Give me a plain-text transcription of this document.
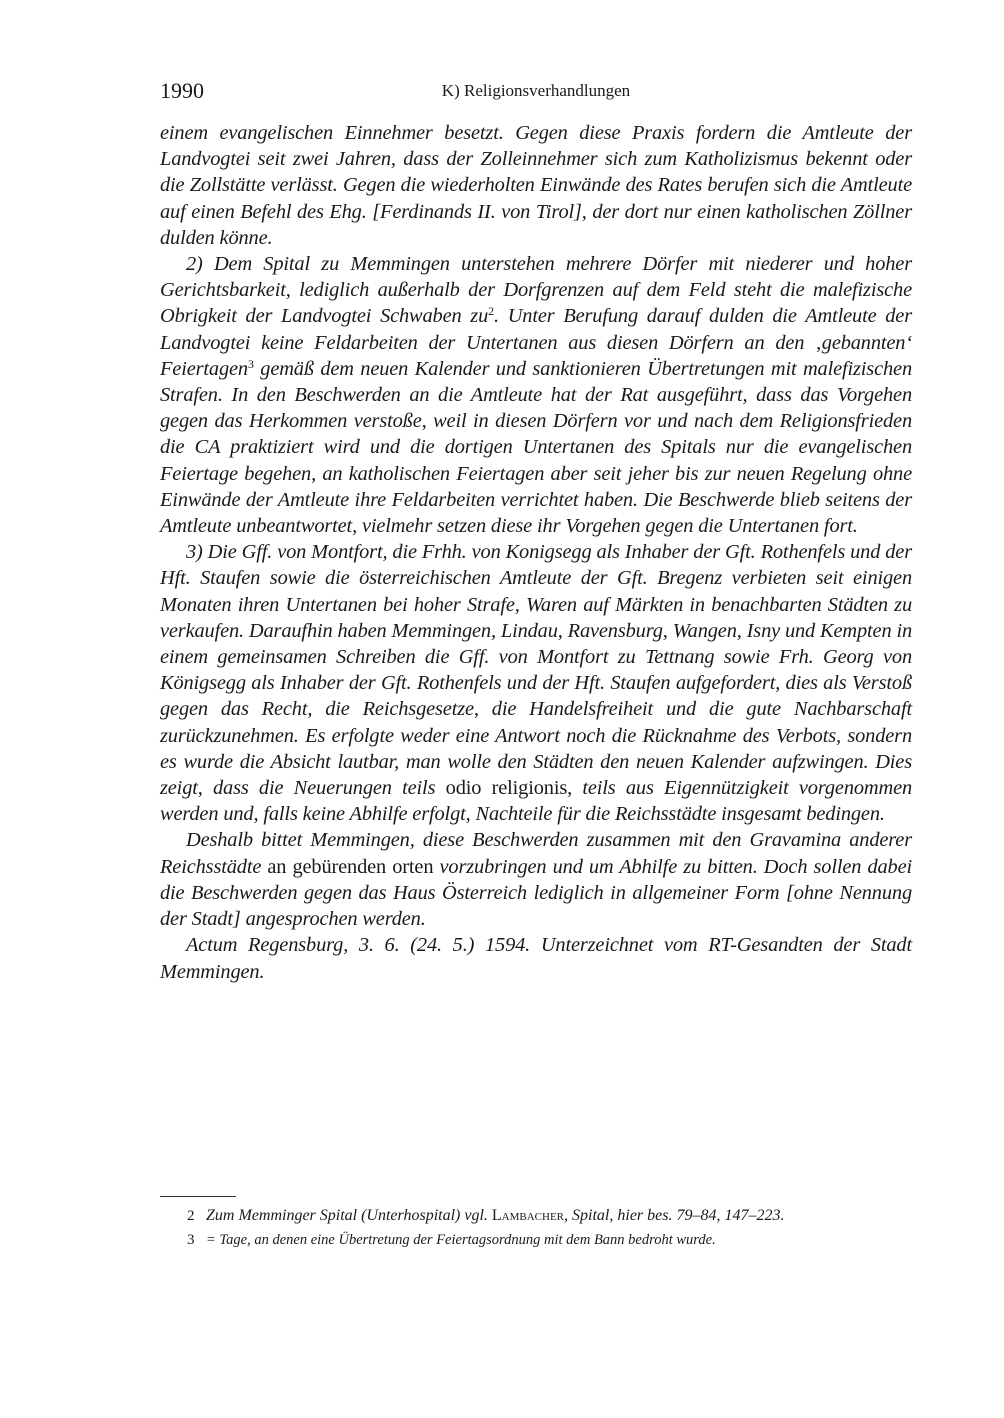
1990	K) Religionsverhandlungen

einem evangelischen Einnehmer besetzt. Gegen diese Praxis fordern die Amtleute der Landvogtei seit zwei Jahren, dass der Zolleinnehmer sich zum Katholizismus bekennt oder die Zollstätte verlässt. Gegen die wiederholten Einwände des Rates berufen sich die Amtleute auf einen Befehl des Ehg. [Ferdinands II. von Tirol], der dort nur einen katholischen Zöllner dulden könne.

2) Dem Spital zu Memmingen unterstehen mehrere Dörfer mit niederer und hoher Gerichtsbarkeit, lediglich außerhalb der Dorfgrenzen auf dem Feld steht die malefizische Obrigkeit der Landvogtei Schwaben $zu^2$. Unter Berufung darauf dulden die Amtleute der Landvogtei keine Feldarbeiten der Untertanen aus diesen Dörfern an den ‚gebannten‘ Feiertagen$^3$ gemäß dem neuen Kalender und sanktionieren Übertretungen mit malefizischen Strafen. In den Beschwerden an die Amtleute hat der Rat ausgeführt, dass das Vorgehen gegen das Herkommen verstoße, weil in diesen Dörfern vor und nach dem Religionsfrieden die CA praktiziert wird und die dortigen Untertanen des Spitals nur die evangelischen Feiertage begehen, an katholischen Feiertagen aber seit jeher bis zur neuen Regelung ohne Einwände der Amtleute ihre Feldarbeiten verrichtet haben. Die Beschwerde blieb seitens der Amtleute unbeantwortet, vielmehr setzen diese ihr Vorgehen gegen die Untertanen fort.

3) Die Gff. von Montfort, die Frhh. von Konigsegg als Inhaber der Gft. Rothenfels und der Hft. Staufen sowie die österreichischen Amtleute der Gft. Bregenz verbieten seit einigen Monaten ihren Untertanen bei hoher Strafe, Waren auf Märkten in benachbarten Städten zu verkaufen. Daraufhin haben Memmingen, Lindau, Ravensburg, Wangen, Isny und Kempten in einem gemeinsamen Schreiben die Gff. von Montfort zu Tettnang sowie Frh. Georg von Königsegg als Inhaber der Gft. Rothenfels und der Hft. Staufen aufgefordert, dies als Verstoß gegen das Recht, die Reichsgesetze, die Handelsfreiheit und die gute Nachbarschaft zurückzunehmen. Es erfolgte weder eine Antwort noch die Rücknahme des Verbots, sondern es wurde die Absicht lautbar, man wolle den Städten den neuen Kalender aufzwingen. Dies zeigt, dass die Neuerungen teils odio religionis, teils aus Eigennützigkeit vorgenommen werden und, falls keine Abhilfe erfolgt, Nachteile für die Reichsstädte insgesamt bedingen.

Deshalb bittet Memmingen, diese Beschwerden zusammen mit den Gravamina anderer Reichsstädte an gebürenden orten vorzubringen und um Abhilfe zu bitten. Doch sollen dabei die Beschwerden gegen das Haus Österreich lediglich in allgemeiner Form [ohne Nennung der Stadt] angesprochen werden.

Actum Regensburg, 3. 6. (24. 5.) 1594. Unterzeichnet vom RT-Gesandten der Stadt Memmingen.

2 Zum Memminger Spital (Unterhospital) vgl. Lambacher, Spital, hier bes. 79–84, 147–223.

3 = Tage, an denen eine Übertretung der Feiertagsordnung mit dem Bann bedroht wurde.
